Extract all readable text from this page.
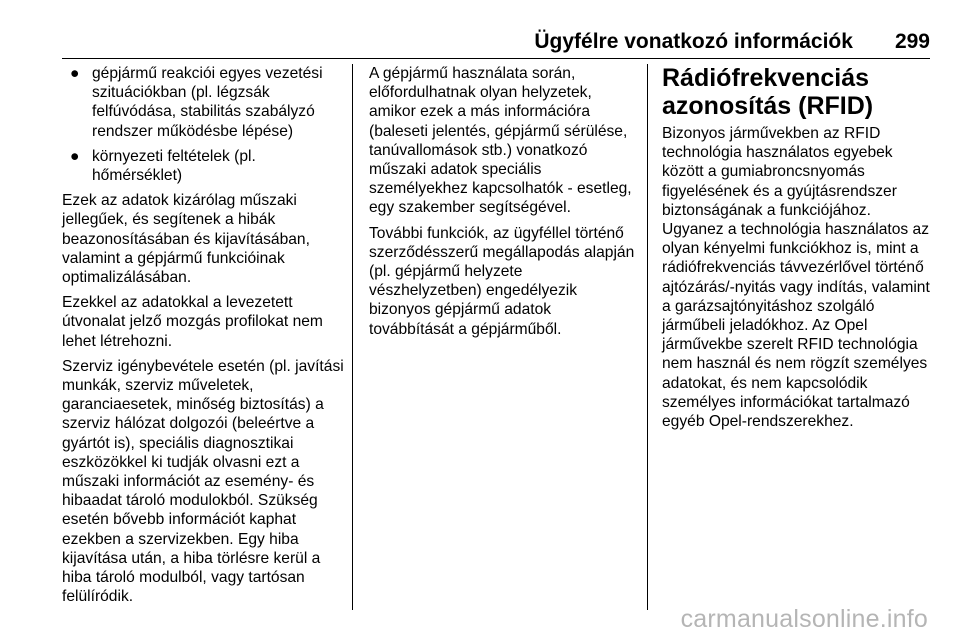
Ügyfélre vonatkozó információk 299
● gépjármű reakciói egyes vezetési szituációkban (pl. légzsák felfúvódása, stabilitás szabályzó rendszer működésbe lépése)
● környezeti feltételek (pl. hőmérséklet)

Ezek az adatok kizárólag műszaki jellegűek, és segítenek a hibák beazonosításában és kijavításában, valamint a gépjármű funkcióinak optimalizálásában.

Ezekkel az adatokkal a levezetett útvonalat jelző mozgás profilokat nem lehet létrehozni.

Szerviz igénybevétele esetén (pl. javítási munkák, szerviz műveletek, garanciaesetek, minőség biztosítás) a szerviz hálózat dolgozói (beleértve a gyártót is), speciális diagnosztikai eszközökkel ki tudják olvasni ezt a műszaki információt az esemény- és hibaadat tároló modulokból. Szükség esetén bővebb információt kaphat ezekben a szervizekben. Egy hiba kijavítása után, a hiba törlésre kerül a hiba tároló modulból, vagy tartósan felülíródik.

A gépjármű használata során, előfordulhatnak olyan helyzetek, amikor ezek a más információra (baleseti jelentés, gépjármű sérülése, tanúvallomások stb.) vonatkozó műszaki adatok speciális személyekhez kapcsolhatók - esetleg, egy szakember segítségével.

További funkciók, az ügyféllel történő szerződésszerű megállapodás alapján (pl. gépjármű helyzete vészhelyzetben) engedélyezik bizonyos gépjármű adatok továbbítását a gépjárműből.

Rádiófrekvenciás azonosítás (RFID)

Bizonyos járművekben az RFID technológia használatos egyebek között a gumiabroncsnyomás figyelésének és a gyújtásrendszer biztonságának a funkciójához. Ugyanez a technológia használatos az olyan kényelmi funkciókhoz is, mint a rádiófrekvenciás távvezérlővel történő ajtózárás/-nyitás vagy indítás, valamint a garázsajtónyitáshoz szolgáló járműbeli jeladókhoz. Az Opel járművekbe szerelt RFID technológia nem használ és nem rögzít személyes adatokat, és nem kapcsolódik személyes információkat tartalmazó egyéb Opel-rendszerekhez.

carmanualsonline.info
